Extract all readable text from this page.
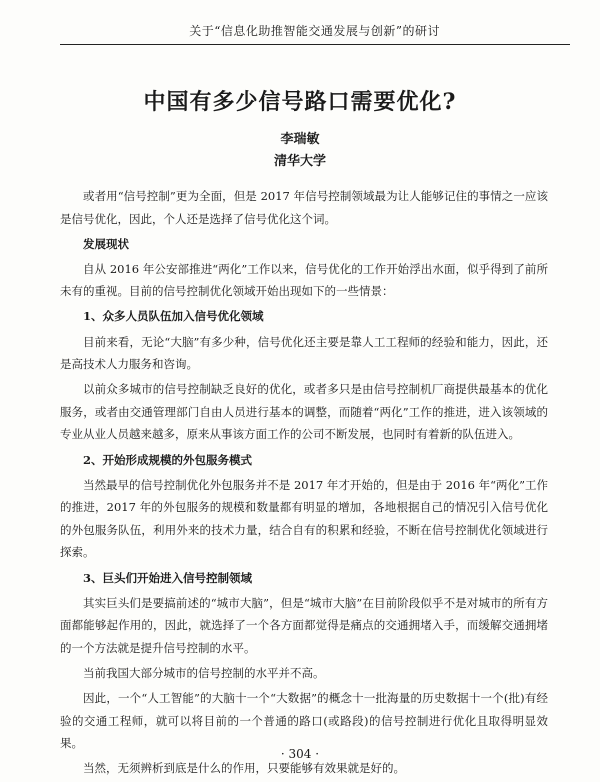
关于“信息化助推智能交通发展与创新”的研讨
中国有多少信号路口需要优化?
李瑞敏
清华大学
或者用“信号控制”更为全面，但是 2017 年信号控制领域最为让人能够记住的事情之一应该是信号优化，因此，个人还是选择了信号优化这个词。
发展现状
自从 2016 年公安部推进“两化”工作以来，信号优化的工作开始浮出水面，似乎得到了前所未有的重视。目前的信号控制优化领域开始出现如下的一些情景：
1、众多人员队伍加入信号优化领域
目前来看，无论“大脑”有多少种，信号优化还主要是靠人工工程师的经验和能力，因此，还是高技术人力服务和咨询。
以前众多城市的信号控制缺乏良好的优化，或者多只是由信号控制机厂商提供最基本的优化服务，或者由交通管理部门自由人员进行基本的调整，而随着“两化”工作的推进，进入该领域的专业从业人员越来越多，原来从事该方面工作的公司不断发展，也同时有着新的队伍进入。
2、开始形成规模的外包服务模式
当然最早的信号控制优化外包服务并不是 2017 年才开始的，但是由于 2016 年“两化”工作的推进，2017 年的外包服务的规模和数量都有明显的增加，各地根据自己的情况引入信号优化的外包服务队伍，利用外来的技术力量，结合自有的积累和经验，不断在信号控制优化领域进行探索。
3、巨头们开始进入信号控制领域
其实巨头们是要搞前述的“城市大脑”，但是“城市大脑”在目前阶段似乎不是对城市的所有方面都能够起作用的，因此，就选择了一个各方面都觉得是痛点的交通拥堵入手，而缓解交通拥堵的一个方法就是提升信号控制的水平。
当前我国大部分城市的信号控制的水平并不高。
因此，一个“人工智能”的大脑十一个“大数据”的概念十一批海量的历史数据十一个(批)有经验的交通工程师，就可以将目前的一个普通的路口(或路段)的信号控制进行优化且取得明显效果。
当然，无须辨析到底是什么的作用，只要能够有效果就是好的。
· 304 ·
